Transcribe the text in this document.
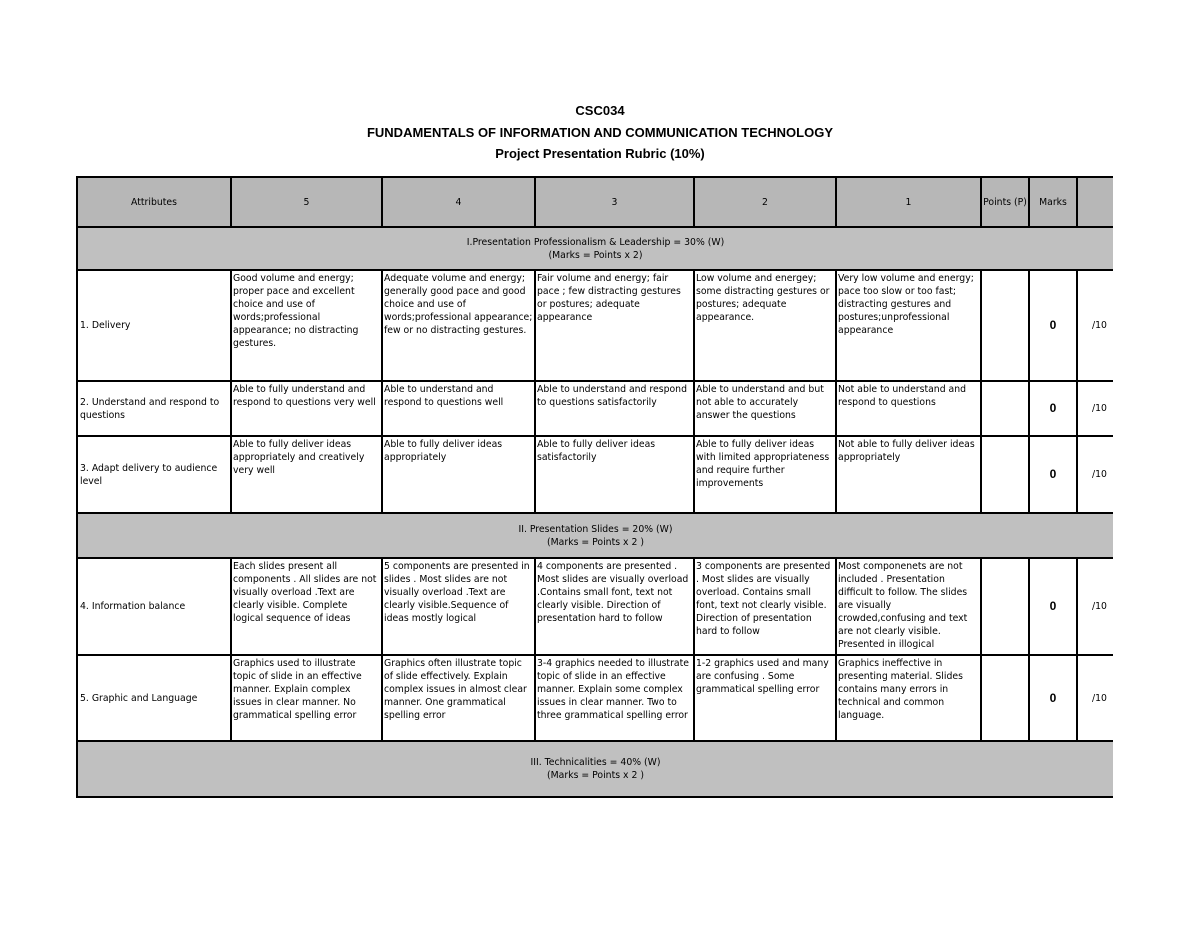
CSC034
FUNDAMENTALS OF INFORMATION AND COMMUNICATION TECHNOLOGY
Project Presentation Rubric (10%)
Attributes	5	4	3	2	1	Points (P)	Marks	

I.Presentation Professionalism & Leadership = 30% (W)
(Marks = Points x 2)								

1. Delivery	Good volume and energy; proper pace and excellent choice and use of words;professional appearance; no distracting gestures.	Adequate volume and energy; generally good pace and good choice and use of words;professional appearance; few or no distracting gestures.	Fair volume and energy; fair pace ; few distracting gestures or postures; adequate appearance	Low volume and energey; some distracting gestures or postures; adequate appearance.	Very low volume and energy; pace too slow or too fast; distracting gestures and postures;unprofessional appearance		0	/10
2. Understand and respond to questions	Able to fully understand and respond to questions very well	Able to understand and respond to questions well	Able to understand and respond to questions satisfactorily	Able to understand and but not able to accurately answer the questions	Not able to understand and respond to questions		0	/10
3. Adapt delivery to audience level	Able to fully deliver ideas appropriately and creatively very well	Able to fully deliver ideas appropriately	Able to fully deliver ideas satisfactorily	Able to fully deliver ideas with limited appropriateness and require further improvements	Not able to fully deliver ideas appropriately		0	/10

II. Presentation Slides = 20% (W)
(Marks = Points x 2 )								

4. Information balance	Each slides present all components . All slides are not visually overload .Text are clearly visible. Complete logical sequence of ideas	5 components are presented in slides . Most slides are not visually overload .Text are clearly visible.Sequence of ideas mostly logical	4 components are presented . Most slides are visually overload .Contains small font, text not clearly visible. Direction of presentation hard to follow	3 components are presented . Most slides are visually overload. Contains small font, text not clearly visible. Direction of presentation hard to follow	Most componenets are not included . Presentation difficult to follow. The slides are visually crowded,confusing and text are not clearly visible. Presented in illogical		0	/10
5. Graphic and Language	Graphics used to illustrate topic of slide in an effective manner. Explain complex issues in clear manner. No grammatical spelling error	Graphics often illustrate topic of slide effectively. Explain complex issues in almost clear manner. One grammatical spelling error	3-4 graphics needed to illustrate topic of slide in an effective manner. Explain some complex issues in clear manner. Two to three grammatical spelling error	1-2 graphics used and many are confusing . Some grammatical spelling error	Graphics ineffective in presenting material. Slides contains many errors in technical and common language.		0	/10

III. Technicalities = 40% (W)
(Marks = Points x 2 )								
